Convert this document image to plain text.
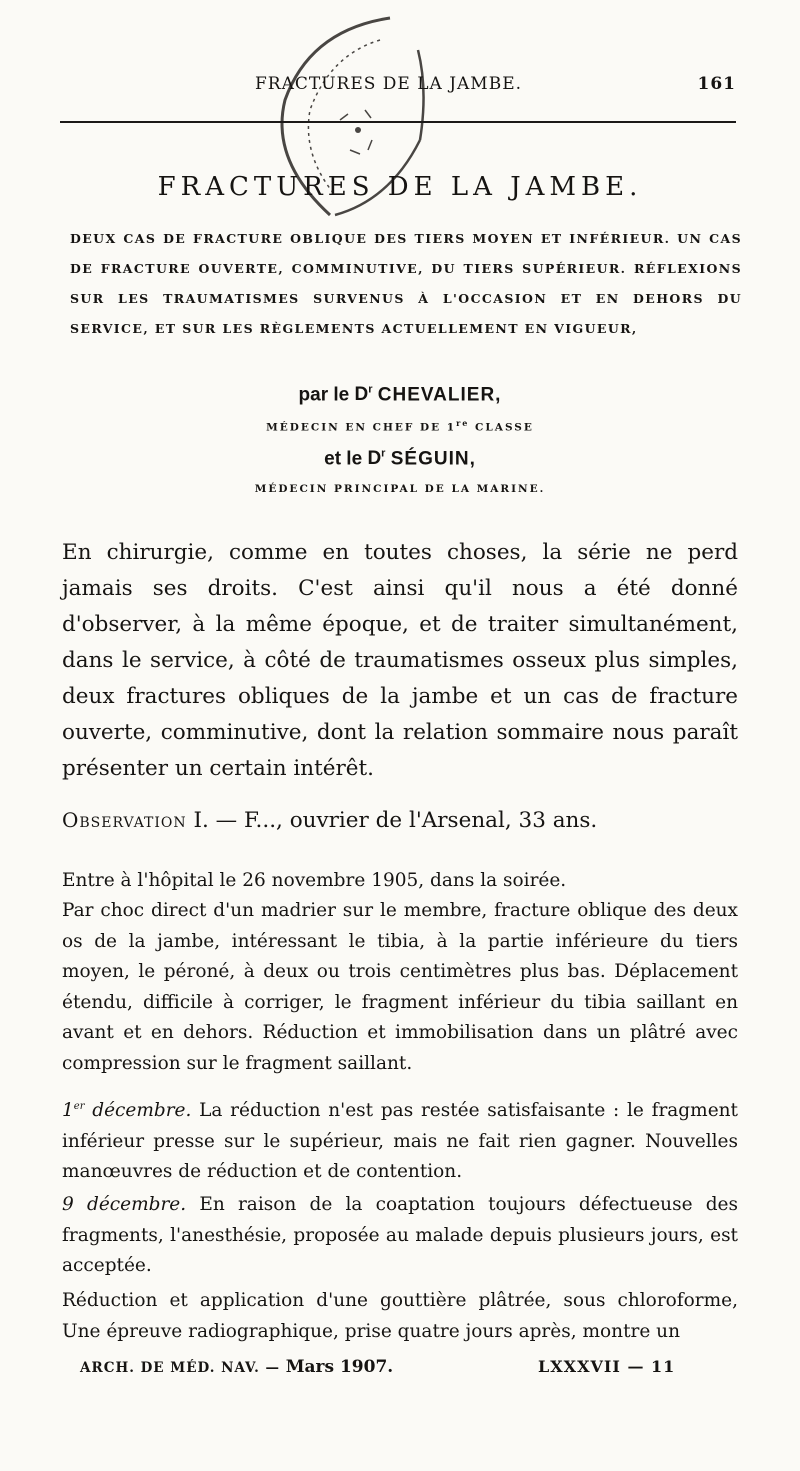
FRACTURES DE LA JAMBE.	161
FRACTURES DE LA JAMBE.
DEUX CAS DE FRACTURE OBLIQUE DES TIERS MOYEN ET INFÉRIEUR. UN CAS DE FRACTURE OUVERTE, COMMINUTIVE, DU TIERS SUPÉRIEUR. RÉFLEXIONS SUR LES TRAUMATISMES SURVENUS À L'OCCASION ET EN DEHORS DU SERVICE, ET SUR LES RÈGLEMENTS ACTUELLEMENT EN VIGUEUR,
par le $D^r$ CHEVALIER,
MÉDECIN EN CHEF DE 1re CLASSE
et le $D^r$ SÉGUIN,
MÉDECIN PRINCIPAL DE LA MARINE.
En chirurgie, comme en toutes choses, la série ne perd jamais ses droits. C'est ainsi qu'il nous a été donné d'observer, à la même époque, et de traiter simultanément, dans le service, à côté de traumatismes osseux plus simples, deux fractures obliques de la jambe et un cas de fracture ouverte, comminutive, dont la relation sommaire nous paraît présenter un certain intérêt.
Observation I. — F..., ouvrier de l'Arsenal, 33 ans.
Entre à l'hôpital le 26 novembre 1905, dans la soirée.
Par choc direct d'un madrier sur le membre, fracture oblique des deux os de la jambe, intéressant le tibia, à la partie inférieure du tiers moyen, le péroné, à deux ou trois centimètres plus bas. Déplacement étendu, difficile à corriger, le fragment inférieur du tibia saillant en avant et en dehors. Réduction et immobilisation dans un plâtré avec compression sur le fragment saillant.
1er décembre. La réduction n'est pas restée satisfaisante : le fragment inférieur presse sur le supérieur, mais ne fait rien gagner. Nouvelles manœuvres de réduction et de contention.
9 décembre. En raison de la coaptation toujours défectueuse des fragments, l'anesthésie, proposée au malade depuis plusieurs jours, est acceptée.
Réduction et application d'une gouttière plâtrée, sous chloroforme, Une épreuve radiographique, prise quatre jours après, montre un
ARCH. DE MÉD. NAV. — Mars 1907.	LXXXVII — 11
